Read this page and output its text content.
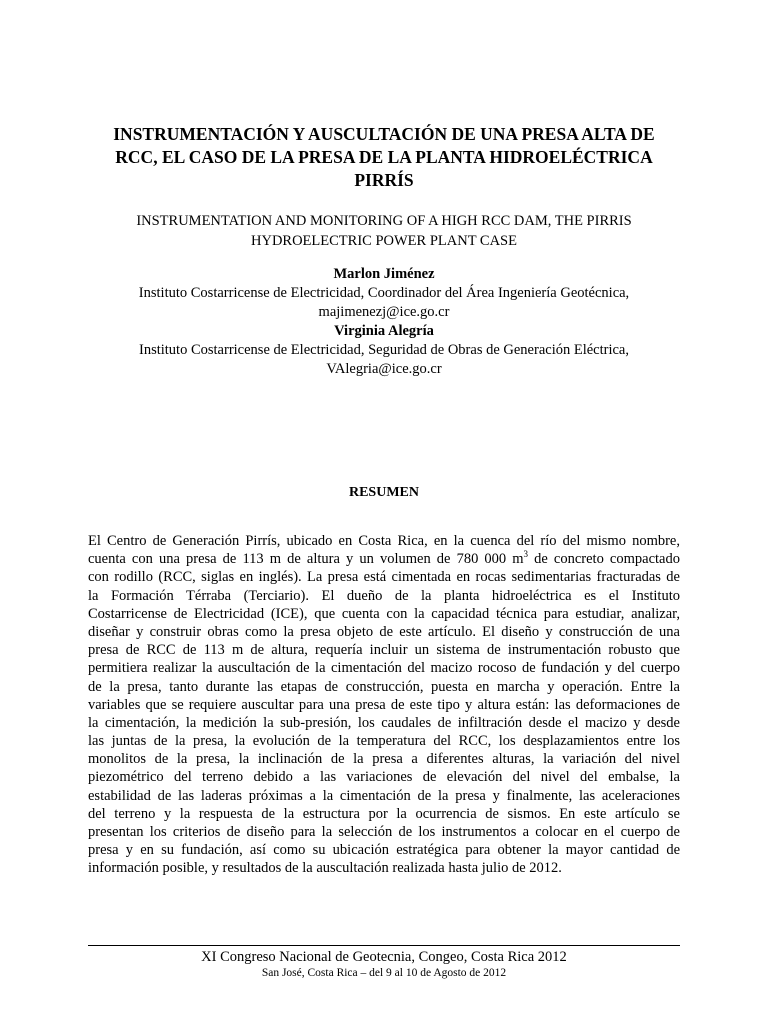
INSTRUMENTACIÓN Y AUSCULTACIÓN DE UNA PRESA ALTA DE
RCC, EL CASO DE LA PRESA DE LA PLANTA HIDROELÉCTRICA
PIRRÍS
INSTRUMENTATION AND MONITORING OF A HIGH RCC DAM, THE PIRRIS
HYDROELECTRIC POWER PLANT CASE
Marlon Jiménez
Instituto Costarricense de Electricidad, Coordinador del Área Ingeniería Geotécnica,
majimenezj@ice.go.cr
Virginia Alegría
Instituto Costarricense de Electricidad, Seguridad de Obras de Generación Eléctrica,
VAlegria@ice.go.cr
RESUMEN
El Centro de Generación Pirrís, ubicado en Costa Rica, en la cuenca del río del mismo nombre,
cuenta con una presa de 113 m de altura y un volumen de 780 000 $m^3$ de concreto compactado
con rodillo (RCC, siglas en inglés). La presa está cimentada en rocas sedimentarias fracturadas de
la Formación Térraba (Terciario). El dueño de la planta hidroeléctrica es el Instituto
Costarricense de Electricidad (ICE), que cuenta con la capacidad técnica para estudiar, analizar,
diseñar y construir obras como la presa objeto de este artículo. El diseño y construcción de una
presa de RCC de 113 m de altura, requería incluir un sistema de instrumentación robusto que
permitiera realizar la auscultación de la cimentación del macizo rocoso de fundación y del cuerpo
de la presa, tanto durante las etapas de construcción, puesta en marcha y operación. Entre la
variables que se requiere auscultar para una presa de este tipo y altura están: las deformaciones de
la cimentación, la medición la sub-presión, los caudales de infiltración desde el macizo y desde
las juntas de la presa, la evolución de la temperatura del RCC, los desplazamientos entre los
monolitos de la presa, la inclinación de la presa a diferentes alturas, la variación del nivel
piezométrico del terreno debido a las variaciones de elevación del nivel del embalse, la
estabilidad de las laderas próximas a la cimentación de la presa y finalmente, las aceleraciones
del terreno y la respuesta de la estructura por la ocurrencia de sismos. En este artículo se
presentan los criterios de diseño para la selección de los instrumentos a colocar en el cuerpo de
presa y en su fundación, así como su ubicación estratégica para obtener la mayor cantidad de
información posible, y resultados de la auscultación realizada hasta julio de 2012.
XI Congreso Nacional de Geotecnia, Congeo, Costa Rica 2012
San José, Costa Rica – del 9 al 10 de Agosto de 2012
